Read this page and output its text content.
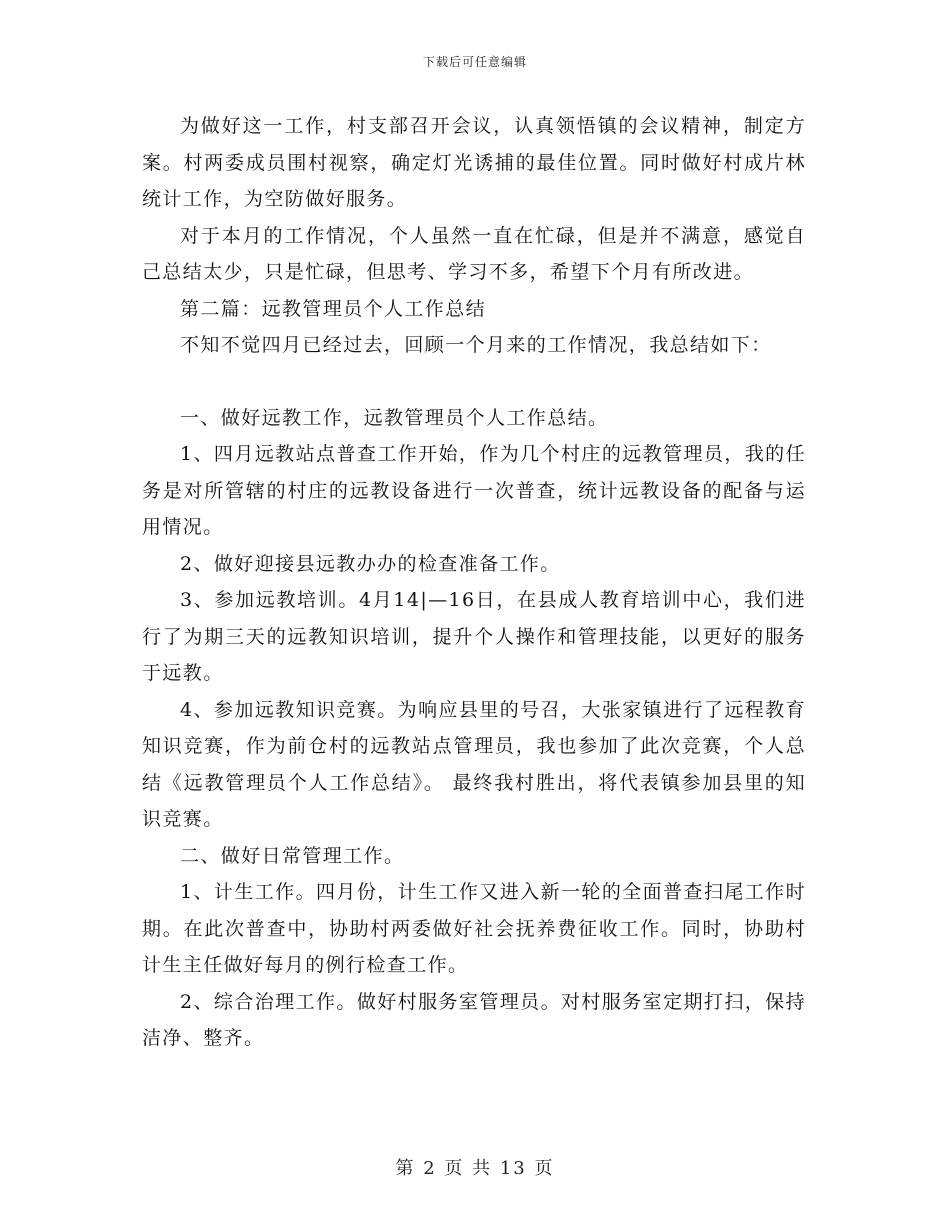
下载后可任意编辑

为做好这一工作，村支部召开会议，认真领悟镇的会议精神，制定方案。村两委成员围村视察，确定灯光诱捕的最佳位置。同时做好村成片林统计工作，为空防做好服务。

对于本月的工作情况，个人虽然一直在忙碌，但是并不满意，感觉自己总结太少，只是忙碌，但思考、学习不多，希望下个月有所改进。

第二篇：远教管理员个人工作总结

不知不觉四月已经过去，回顾一个月来的工作情况，我总结如下：

一、做好远教工作，远教管理员个人工作总结。

1、四月远教站点普查工作开始，作为几个村庄的远教管理员，我的任务是对所管辖的村庄的远教设备进行一次普查，统计远教设备的配备与运用情况。

2、做好迎接县远教办办的检查准备工作。

3、参加远教培训。4月14|—16日，在县成人教育培训中心，我们进行了为期三天的远教知识培训，提升个人操作和管理技能，以更好的服务于远教。

4、参加远教知识竞赛。为响应县里的号召，大张家镇进行了远程教育知识竞赛，作为前仓村的远教站点管理员，我也参加了此次竞赛，个人总结《远教管理员个人工作总结》。 最终我村胜出，将代表镇参加县里的知识竞赛。

二、做好日常管理工作。

1、计生工作。四月份，计生工作又进入新一轮的全面普查扫尾工作时期。在此次普查中，协助村两委做好社会抚养费征收工作。同时，协助村计生主任做好每月的例行检查工作。

2、综合治理工作。做好村服务室管理员。对村服务室定期打扫，保持洁净、整齐。

第 2 页 共 13 页
